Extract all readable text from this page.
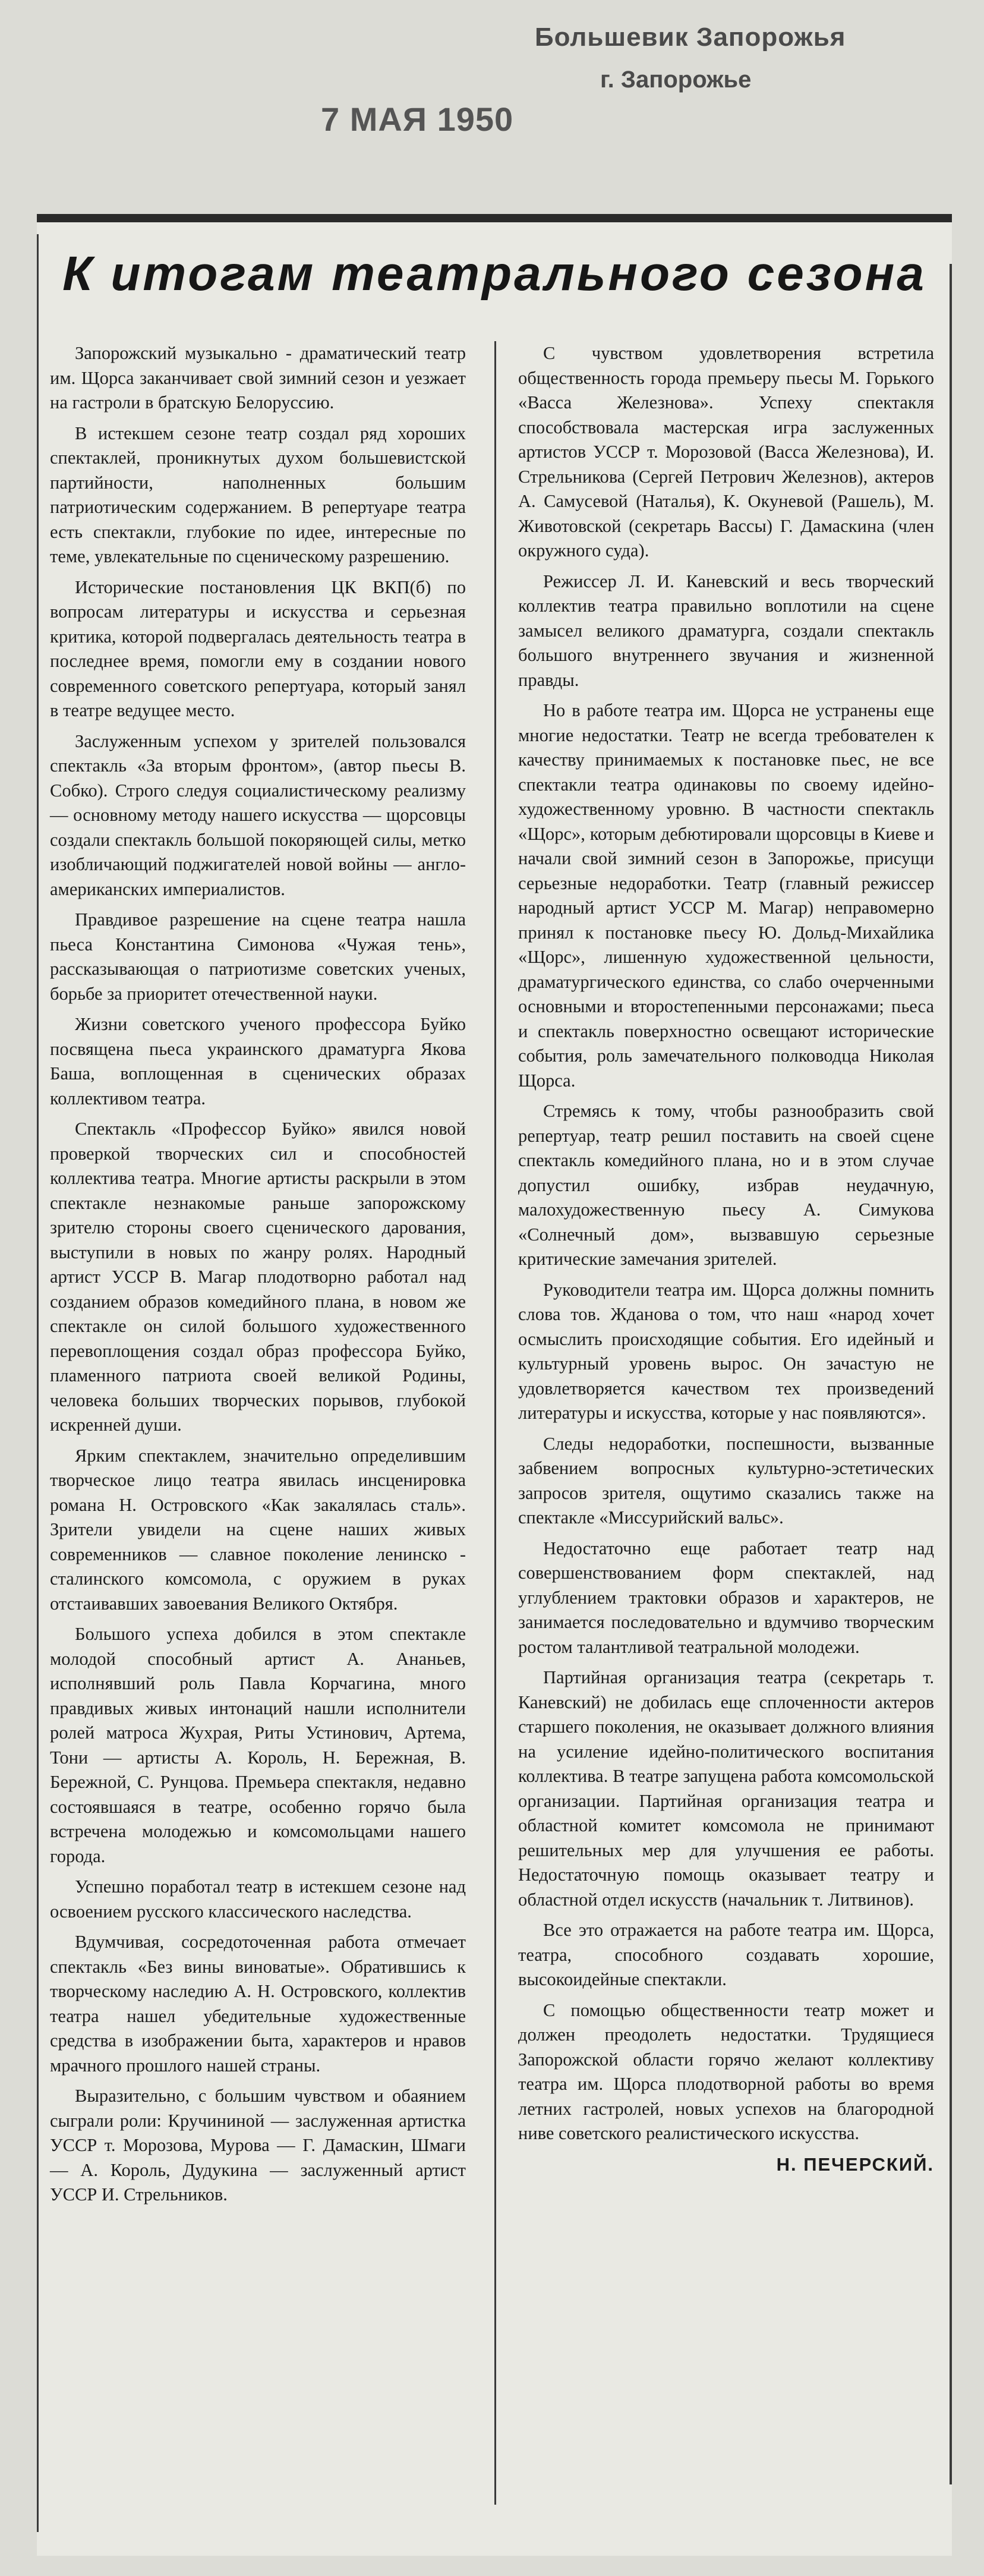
Большевик Запорожья
г. Запорожье
7 МАЯ 1950
К итогам театрального сезона

Запорожский музыкально - драматический театр им. Щорса заканчивает свой зимний сезон и уезжает на гастроли в братскую Белоруссию.

В истекшем сезоне театр создал ряд хороших спектаклей, проникнутых духом большевистской партийности, наполненных большим патриотическим содержанием. В репертуаре театра есть спектакли, глубокие по идее, интересные по теме, увлекательные по сценическому разрешению.

Исторические постановления ЦК ВКП(б) по вопросам литературы и искусства и серьезная критика, которой подвергалась деятельность театра в последнее время, помогли ему в создании нового современного советского репертуара, который занял в театре ведущее место.

Заслуженным успехом у зрителей пользовался спектакль «За вторым фронтом», (автор пьесы В. Собко). Строго следуя социалистическому реализму — основному методу нашего искусства — щорсовцы создали спектакль большой покоряющей силы, метко изобличающий поджигателей новой войны — англо-американских империалистов.

Правдивое разрешение на сцене театра нашла пьеса Константина Симонова «Чужая тень», рассказывающая о патриотизме советских ученых, борьбе за приоритет отечественной науки.

Жизни советского ученого профессора Буйко посвящена пьеса украинского драматурга Якова Баша, воплощенная в сценических образах коллективом театра.

Спектакль «Профессор Буйко» явился новой проверкой творческих сил и способностей коллектива театра. Многие артисты раскрыли в этом спектакле незнакомые раньше запорожскому зрителю стороны своего сценического дарования, выступили в новых по жанру ролях. Народный артист УССР В. Магар плодотворно работал над созданием образов комедийного плана, в новом же спектакле он силой большого художественного перевоплощения создал образ профессора Буйко, пламенного патриота своей великой Родины, человека больших творческих порывов, глубокой искренней души.

Ярким спектаклем, значительно определившим творческое лицо театра явилась инсценировка романа Н. Островского «Как закалялась сталь». Зрители увидели на сцене наших живых современников — славное поколение ленинско - сталинского комсомола, с оружием в руках отстаивавших завоевания Великого Октября.

Большого успеха добился в этом спектакле молодой способный артист А. Ананьев, исполнявший роль Павла Корчагина, много правдивых живых интонаций нашли исполнители ролей матроса Жухрая, Риты Устинович, Артема, Тони — артисты А. Король, Н. Бережная, В. Бережной, С. Рунцова. Премьера спектакля, недавно состоявшаяся в театре, особенно горячо была встречена молодежью и комсомольцами нашего города.

Успешно поработал театр в истекшем сезоне над освоением русского классического наследства.

Вдумчивая, сосредоточенная работа отмечает спектакль «Без вины виноватые». Обратившись к творческому наследию А. Н. Островского, коллектив театра нашел убедительные художественные средства в изображении быта, характеров и нравов мрачного прошлого нашей страны.

Выразительно, с большим чувством и обаянием сыграли роли: Кручининой — заслуженная артистка УССР т. Морозова, Мурова — Г. Дамаскин, Шмаги — А. Король, Дудукина — заслуженный артист УССР И. Стрельников.

С чувством удовлетворения встретила общественность города премьеру пьесы М. Горького «Васса Железнова». Успеху спектакля способствовала мастерская игра заслуженных артистов УССР т. Морозовой (Васса Железнова), И. Стрельникова (Сергей Петрович Железнов), актеров А. Самусевой (Наталья), К. Окуневой (Рашель), М. Животовской (секретарь Вассы) Г. Дамаскина (член окружного суда).

Режиссер Л. И. Каневский и весь творческий коллектив театра правильно воплотили на сцене замысел великого драматурга, создали спектакль большого внутреннего звучания и жизненной правды.

Но в работе театра им. Щорса не устранены еще многие недостатки. Театр не всегда требователен к качеству принимаемых к постановке пьес, не все спектакли театра одинаковы по своему идейно-художественному уровню. В частности спектакль «Щорс», которым дебютировали щорсовцы в Киеве и начали свой зимний сезон в Запорожье, присущи серьезные недоработки. Театр (главный режиссер народный артист УССР М. Магар) неправомерно принял к постановке пьесу Ю. Дольд-Михайлика «Щорс», лишенную художественной цельности, драматургического единства, со слабо очерченными основными и второстепенными персонажами; пьеса и спектакль поверхностно освещают исторические события, роль замечательного полководца Николая Щорса.

Стремясь к тому, чтобы разнообразить свой репертуар, театр решил поставить на своей сцене спектакль комедийного плана, но и в этом случае допустил ошибку, избрав неудачную, малохудожественную пьесу А. Симукова «Солнечный дом», вызвавшую серьезные критические замечания зрителей.

Руководители театра им. Щорса должны помнить слова тов. Жданова о том, что наш «народ хочет осмыслить происходящие события. Его идейный и культурный уровень вырос. Он зачастую не удовлетворяется качеством тех произведений литературы и искусства, которые у нас появляются».

Следы недоработки, поспешности, вызванные забвением вопросных культурно-эстетических запросов зрителя, ощутимо сказались также на спектакле «Миссурийский вальс».

Недостаточно еще работает театр над совершенствованием форм спектаклей, над углублением трактовки образов и характеров, не занимается последовательно и вдумчиво творческим ростом талантливой театральной молодежи.

Партийная организация театра (секретарь т. Каневский) не добилась еще сплоченности актеров старшего поколения, не оказывает должного влияния на усиление идейно-политического воспитания коллектива. В театре запущена работа комсомольской организации. Партийная организация театра и областной комитет комсомола не принимают решительных мер для улучшения ее работы. Недостаточную помощь оказывает театру и областной отдел искусств (начальник т. Литвинов).

Все это отражается на работе театра им. Щорса, театра, способного создавать хорошие, высокоидейные спектакли.

С помощью общественности театр может и должен преодолеть недостатки. Трудящиеся Запорожской области горячо желают коллективу театра им. Щорса плодотворной работы во время летних гастролей, новых успехов на благородной ниве советского реалистического искусства.

Н. ПЕЧЕРСКИЙ.
